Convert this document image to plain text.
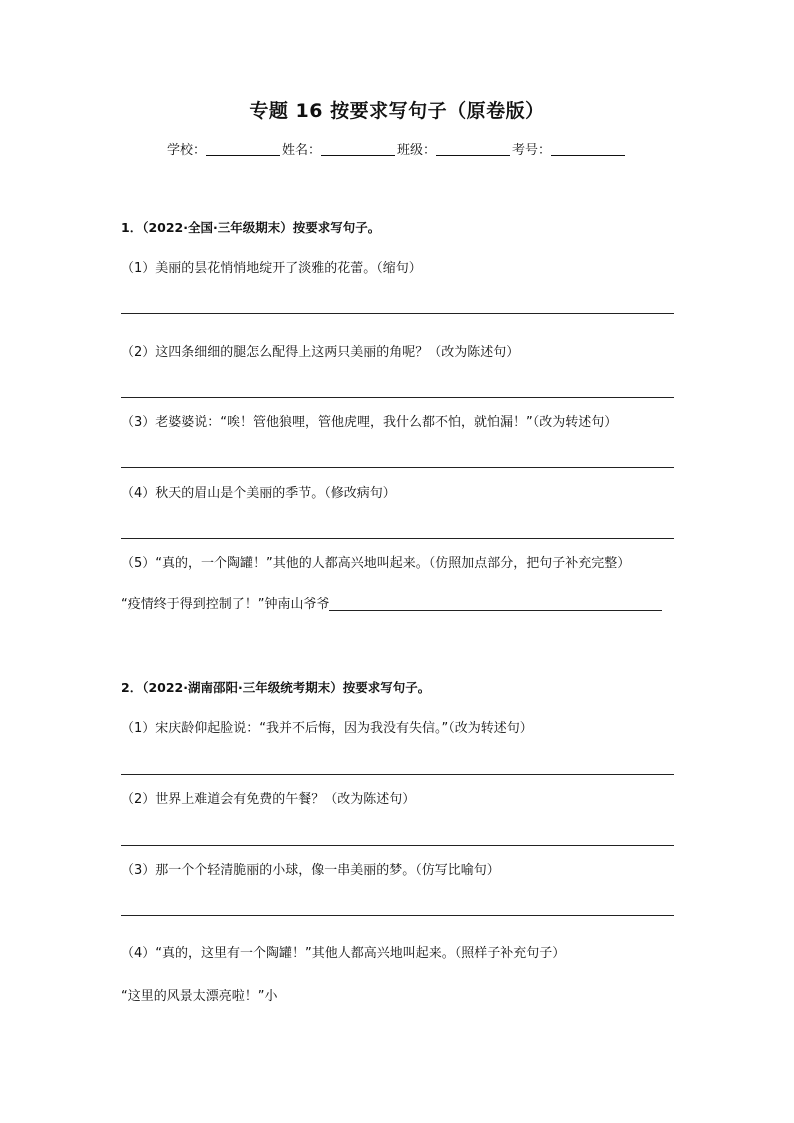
专题 16 按要求写句子（原卷版）
学校：	姓名：	班级：	考号：
1．（2022·全国·三年级期末）按要求写句子。
（1）美丽的昙花悄悄地绽开了淡雅的花蕾。（缩句）
（2）这四条细细的腿怎么配得上这两只美丽的角呢？（改为陈述句）
（3）老婆婆说：“唉！管他狼哩，管他虎哩，我什么都不怕，就怕漏！”（改为转述句）
（4）秋天的眉山是个美丽的季节。（修改病句）
（5）“真的，一个陶罐！”其他的人都高兴地叫起来。（仿照加点部分，把句子补充完整）
“疫情终于得到控制了！”钟南山爷爷
2．（2022·湖南邵阳·三年级统考期末）按要求写句子。
（1）宋庆龄仰起脸说：“我并不后悔，因为我没有失信。”（改为转述句）
（2）世界上难道会有免费的午餐？（改为陈述句）
（3）那一个个轻清脆丽的小球，像一串美丽的梦。（仿写比喻句）
（4）“真的，这里有一个陶罐！”其他人都高兴地叫起来。（照样子补充句子）
“这里的风景太漂亮啦！”小
